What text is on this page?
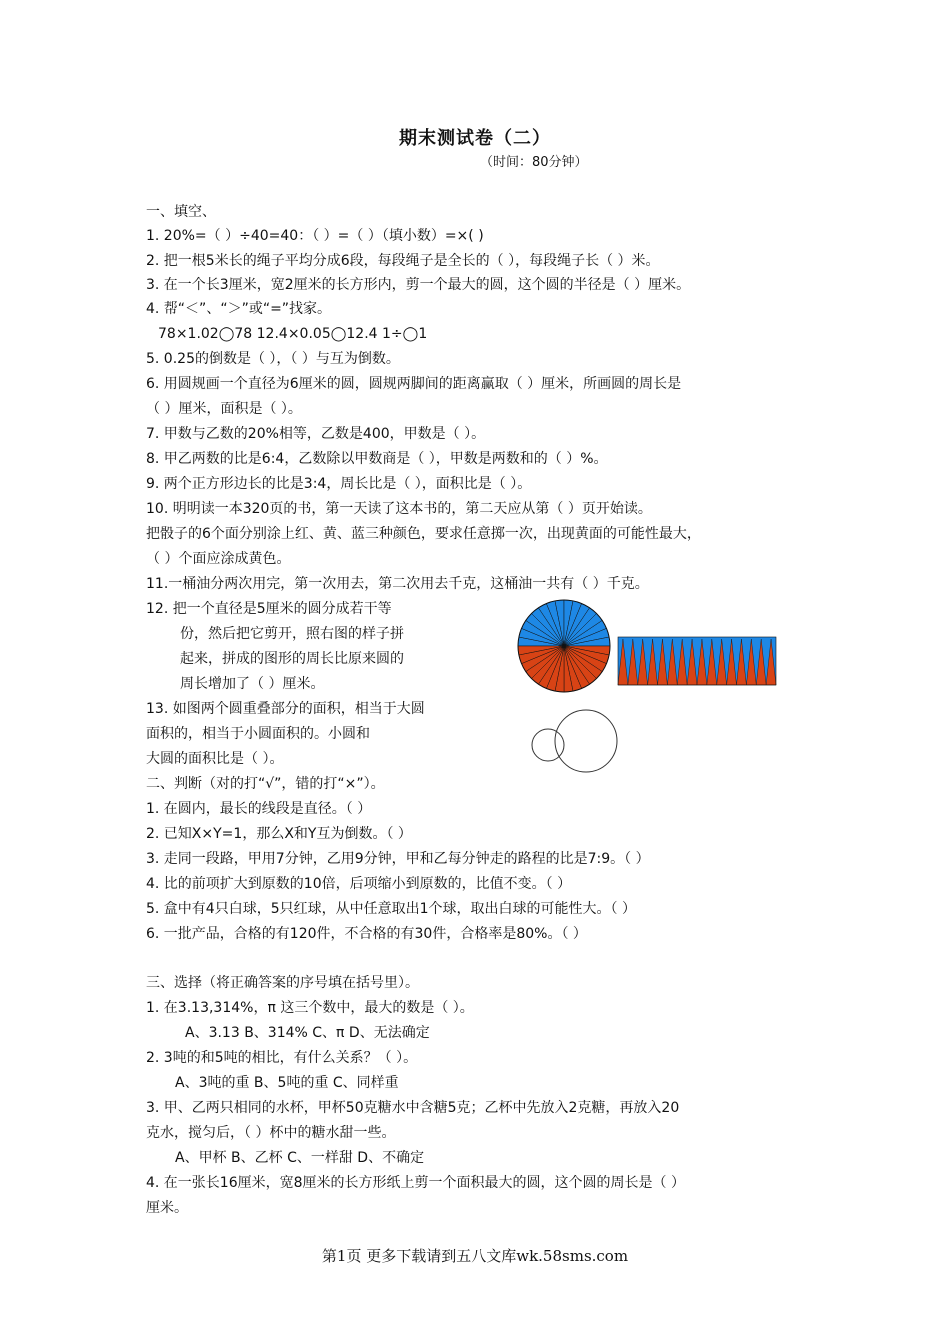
期末测试卷（二）
（时间：80分钟）
一、填空、
1. 20%=（ ）÷40=40：（ ）=（ ）（填小数）=×( )
2. 把一根5米长的绳子平均分成6段，每段绳子是全长的（ ），每段绳子长（ ）米。
3. 在一个长3厘米，宽2厘米的长方形内，剪一个最大的圆，这个圆的半径是（ ）厘米。
4. 帮“＜”、“＞”或“=”找家。
78×1.02◯78 12.4×0.05◯12.4 1÷◯1
5. 0.25的倒数是（ ），（ ）与互为倒数。
6. 用圆规画一个直径为6厘米的圆，圆规两脚间的距离赢取（ ）厘米，所画圆的周长是
（ ）厘米，面积是（ ）。
7. 甲数与乙数的20%相等，乙数是400，甲数是（ ）。
8. 甲乙两数的比是6:4，乙数除以甲数商是（ ），甲数是两数和的（ ）%。
9. 两个正方形边长的比是3:4，周长比是（ ），面积比是（ ）。
10. 明明读一本320页的书，第一天读了这本书的，第二天应从第（ ）页开始读。
把骰子的6个面分别涂上红、黄、蓝三种颜色，要求任意掷一次，出现黄面的可能性最大，
（ ）个面应涂成黄色。
11.一桶油分两次用完，第一次用去，第二次用去千克，这桶油一共有（ ）千克。
12. 把一个直径是5厘米的圆分成若干等
份，然后把它剪开，照右图的样子拼
起来，拼成的图形的周长比原来圆的
周长增加了（ ）厘米。
13. 如图两个圆重叠部分的面积，相当于大圆
面积的，相当于小圆面积的。小圆和
大圆的面积比是（ ）。
二、判断（对的打“√”，错的打“×”）。
1. 在圆内，最长的线段是直径。（ ）
2. 已知X×Y=1，那么X和Y互为倒数。（ ）
3. 走同一段路，甲用7分钟，乙用9分钟，甲和乙每分钟走的路程的比是7:9。（ ）
4. 比的前项扩大到原数的10倍，后项缩小到原数的，比值不变。（ ）
5. 盒中有4只白球，5只红球，从中任意取出1个球，取出白球的可能性大。（ ）
6. 一批产品，合格的有120件，不合格的有30件，合格率是80%。（ ）
三、选择（将正确答案的序号填在括号里）。
1. 在3.13,314%，π 这三个数中，最大的数是（ ）。
A、3.13 B、314% C、π D、无法确定
2. 3吨的和5吨的相比，有什么关系？（ ）。
A、3吨的重 B、5吨的重 C、同样重
3. 甲、乙两只相同的水杯，甲杯50克糖水中含糖5克；乙杯中先放入2克糖，再放入20
克水，搅匀后，（ ）杯中的糖水甜一些。
A、甲杯 B、乙杯 C、一样甜 D、不确定
4. 在一张长16厘米，宽8厘米的长方形纸上剪一个面积最大的圆，这个圆的周长是（ ）
厘米。
第1页 更多下载请到五八文库wk.58sms.com
